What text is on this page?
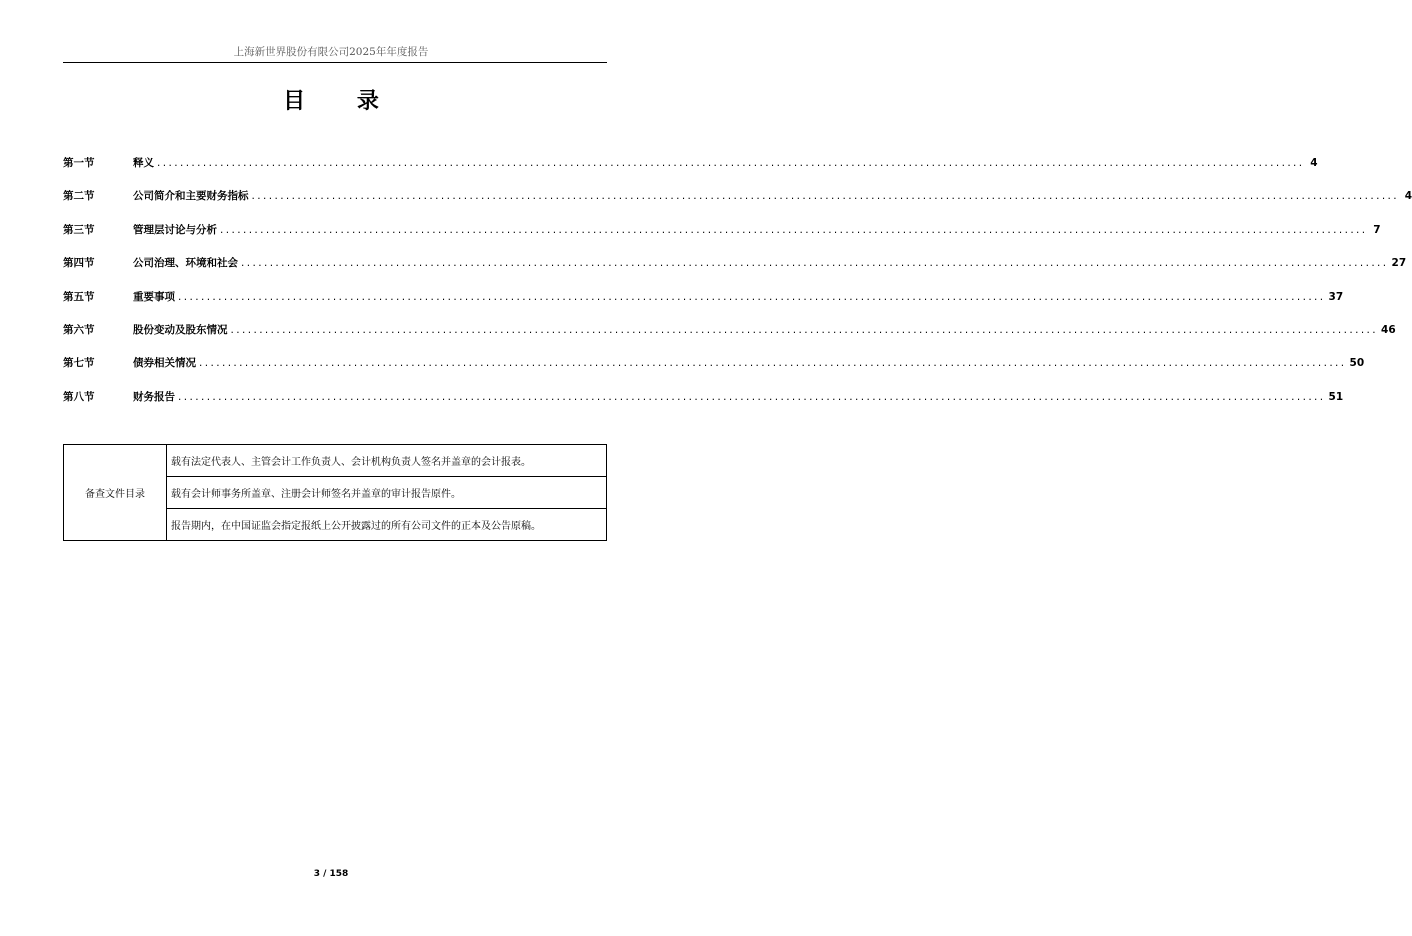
上海新世界股份有限公司2025年年度报告
目 录
第一节	释义 ........................................................................................................................................................................................................ 4
第二节	公司简介和主要财务指标 ........................................................................................................................................................................................................ 4
第三节	管理层讨论与分析 ........................................................................................................................................................................................................ 7
第四节	公司治理、环境和社会 ........................................................................................................................................................................................................ 27
第五节	重要事项 ........................................................................................................................................................................................................ 37
第六节	股份变动及股东情况 ........................................................................................................................................................................................................ 46
第七节	债券相关情况 ........................................................................................................................................................................................................ 50
第八节	财务报告 ........................................................................................................................................................................................................ 51
备查文件目录	载有法定代表人、主管会计工作负责人、会计机构负责人签名并盖章的会计报表。
载有会计师事务所盖章、注册会计师签名并盖章的审计报告原件。
报告期内，在中国证监会指定报纸上公开披露过的所有公司文件的正本及公告原稿。
3 / 158
